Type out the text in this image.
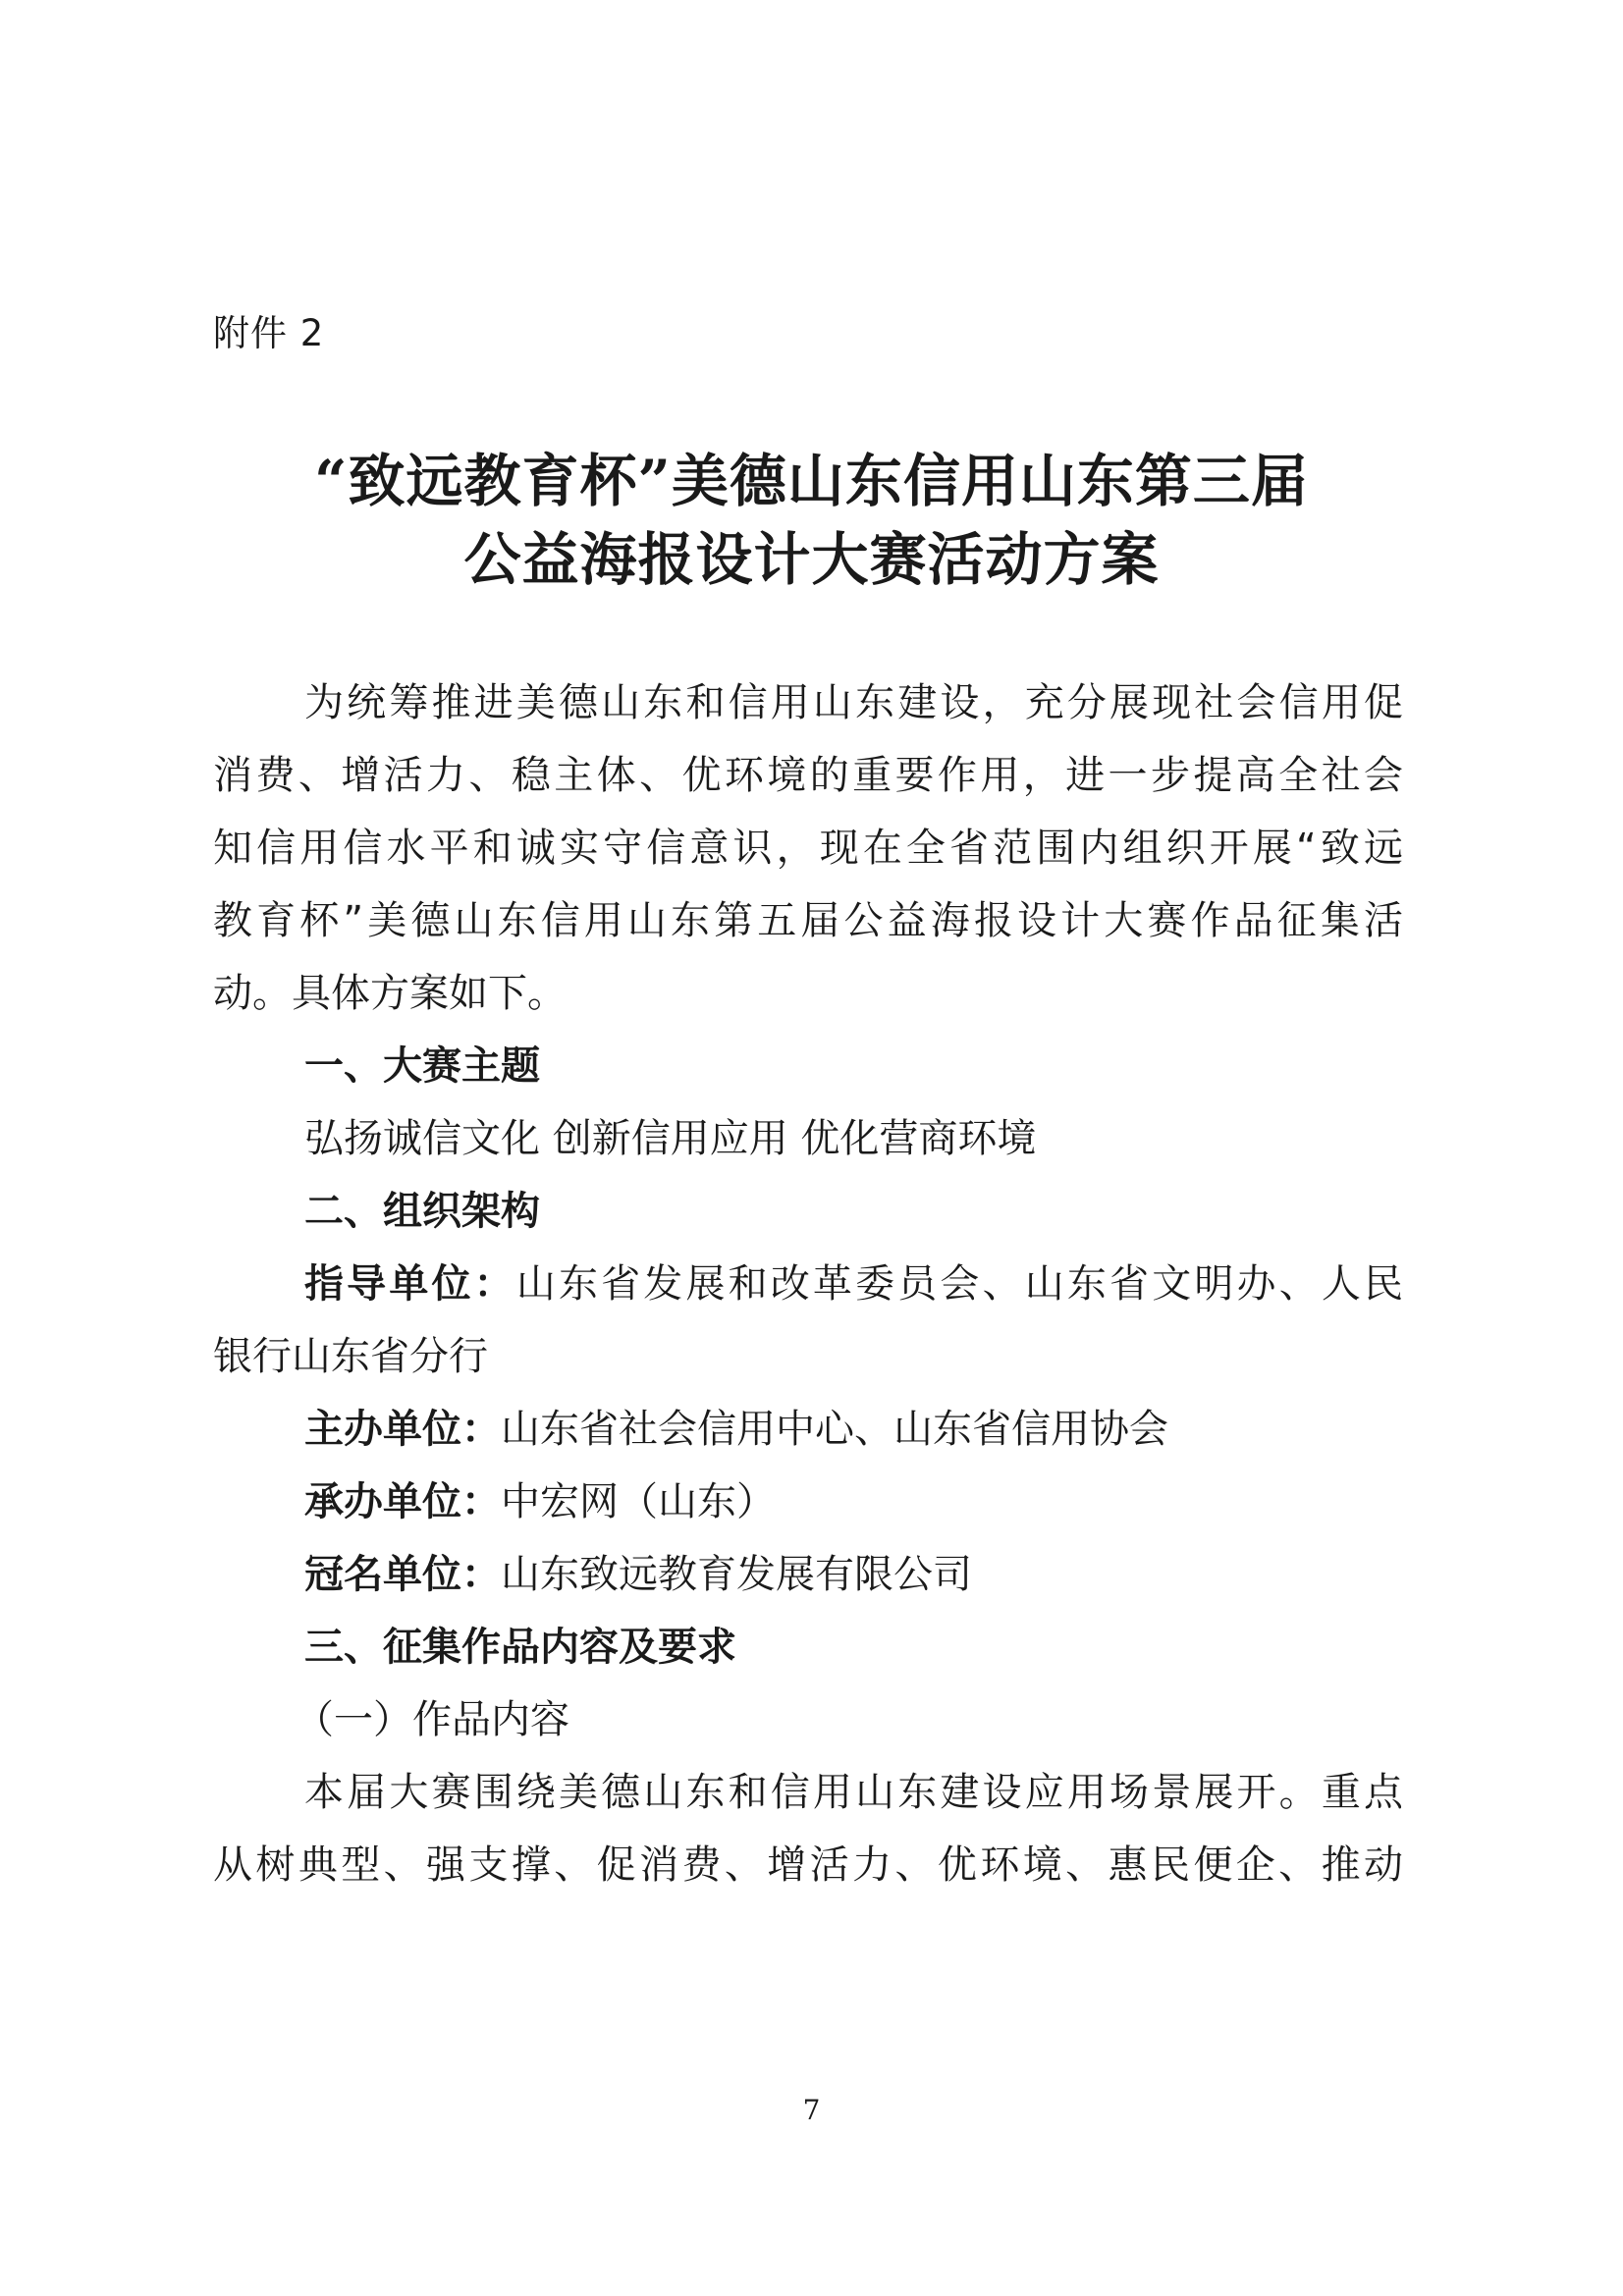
附件 2
“致远教育杯”美德山东信用山东第三届
公益海报设计大赛活动方案
为统筹推进美德山东和信用山东建设，充分展现社会信用促
消费、增活力、稳主体、优环境的重要作用，进一步提高全社会
知信用信水平和诚实守信意识，现在全省范围内组织开展“致远
教育杯”美德山东信用山东第五届公益海报设计大赛作品征集活
动。具体方案如下。
一、大赛主题
弘扬诚信文化 创新信用应用 优化营商环境
二、组织架构
指导单位：山东省发展和改革委员会、山东省文明办、人民
银行山东省分行
主办单位：山东省社会信用中心、山东省信用协会
承办单位：中宏网（山东）
冠名单位：山东致远教育发展有限公司
三、征集作品内容及要求
（一）作品内容
本届大赛围绕美德山东和信用山东建设应用场景展开。重点
从树典型、强支撑、促消费、增活力、优环境、惠民便企、推动
7
